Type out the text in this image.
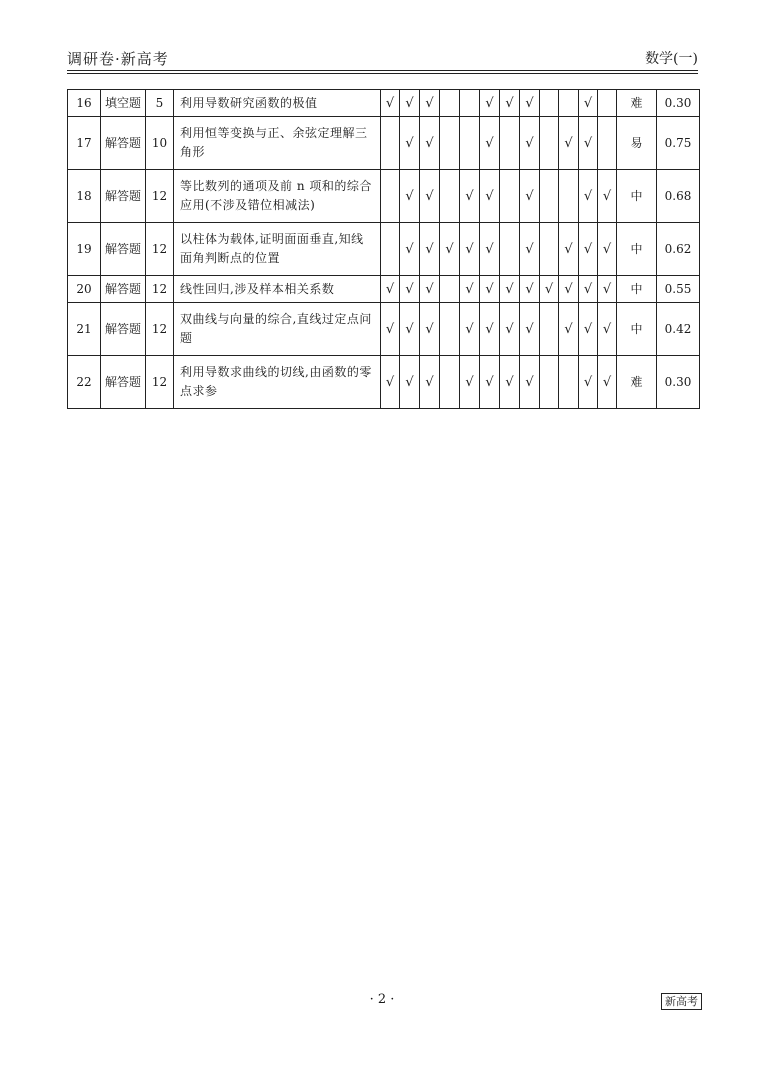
调研卷·新高考	数学(一)
16	填空题	5	利用导数研究函数的极值	√	√	√			√	√	√			√		难	0.30
17	解答题	10	利用恒等变换与正、余弦定理解三角形		√	√			√		√		√	√		易	0.75
18	解答题	12	等比数列的通项及前 n 项和的综合应用(不涉及错位相减法)		√	√		√	√		√			√	√	中	0.68
19	解答题	12	以柱体为载体,证明面面垂直,知线面角判断点的位置		√	√	√	√	√		√		√	√	√	中	0.62
20	解答题	12	线性回归,涉及样本相关系数	√	√	√		√	√	√	√	√	√	√	√	中	0.55
21	解答题	12	双曲线与向量的综合,直线过定点问题	√	√	√		√	√	√	√		√	√	√	中	0.42
22	解答题	12	利用导数求曲线的切线,由函数的零点求参	√	√	√		√	√	√	√			√	√	难	0.30
· 2 ·	新高考
